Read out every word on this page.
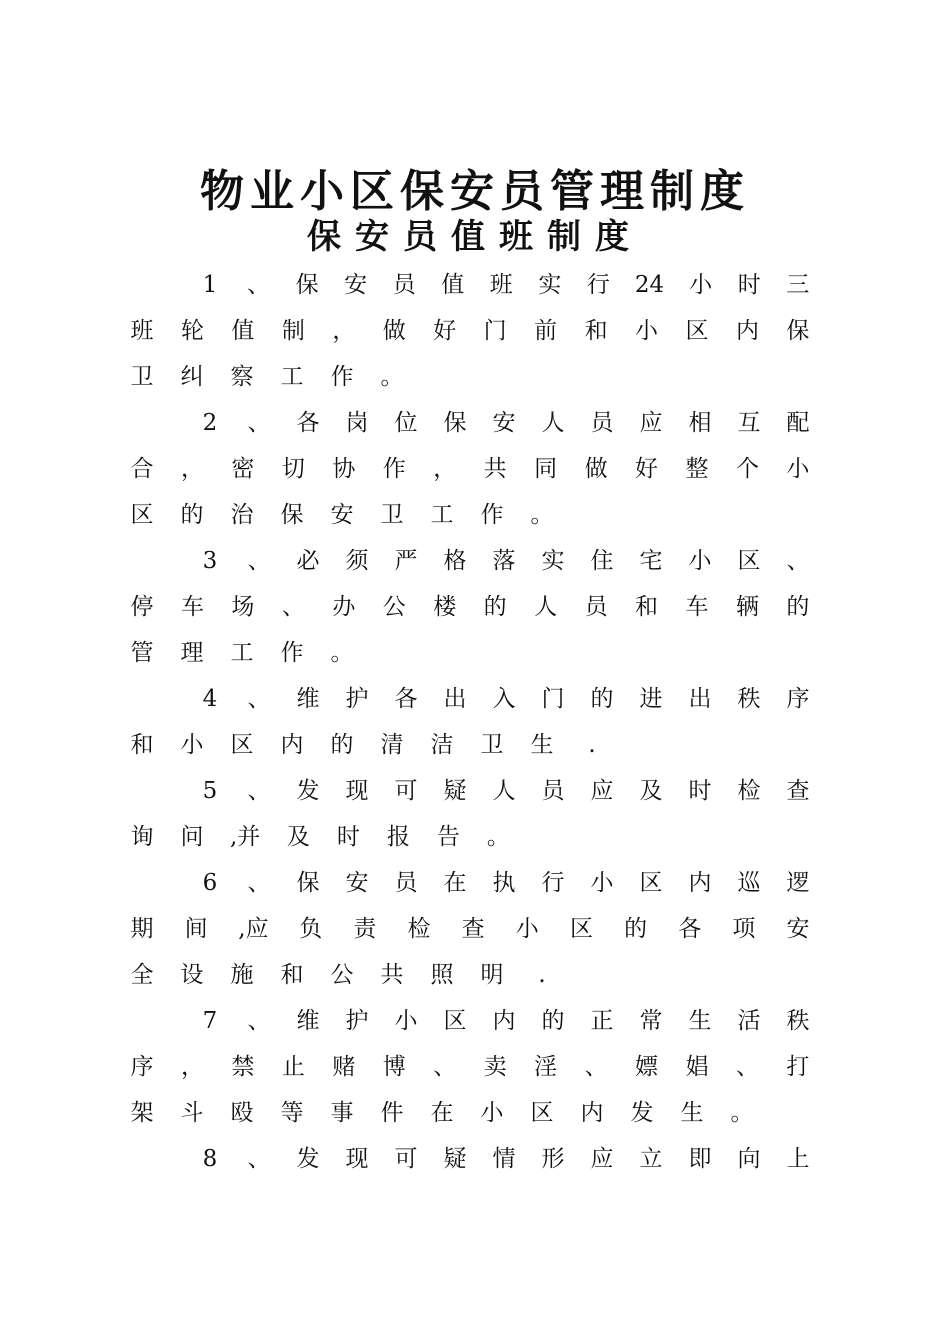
物业小区保安员管理制度
保安员值班制度
1 、 保 安 员 值 班 实 行 24 小 时 三
班 轮 值 制 ， 做 好 门 前 和 小 区 内 保
卫 纠 察 工 作 。
2 、 各 岗 位 保 安 人 员 应 相 互 配
合 ， 密 切 协 作 ， 共 同 做 好 整 个 小
区 的 治 保 安 卫 工 作 。
3 、 必 须 严 格 落 实 住 宅 小 区 、
停 车 场 、 办 公 楼 的 人 员 和 车 辆 的
管 理 工 作 。
4 、 维 护 各 出 入 门 的 进 出 秩 序
和 小 区 内 的 清 洁 卫 生	.
5 、 发 现 可 疑 人 员 应 及 时 检 查
询 问 ,并 及 时 报 告 。
6 、 保 安 员 在 执 行 小 区 内 巡 逻
期 间 ,应 负 责 检 查 小 区 的 各 项 安
全 设 施 和 公 共 照 明	.
7 、 维 护 小 区 内 的 正 常 生 活 秩
序 ， 禁 止 赌 博 、 卖 淫 、 嫖 娼 、 打
架 斗 殴 等 事 件 在 小 区 内 发 生 。
8 、 发 现 可 疑 情 形 应 立 即 向 上
